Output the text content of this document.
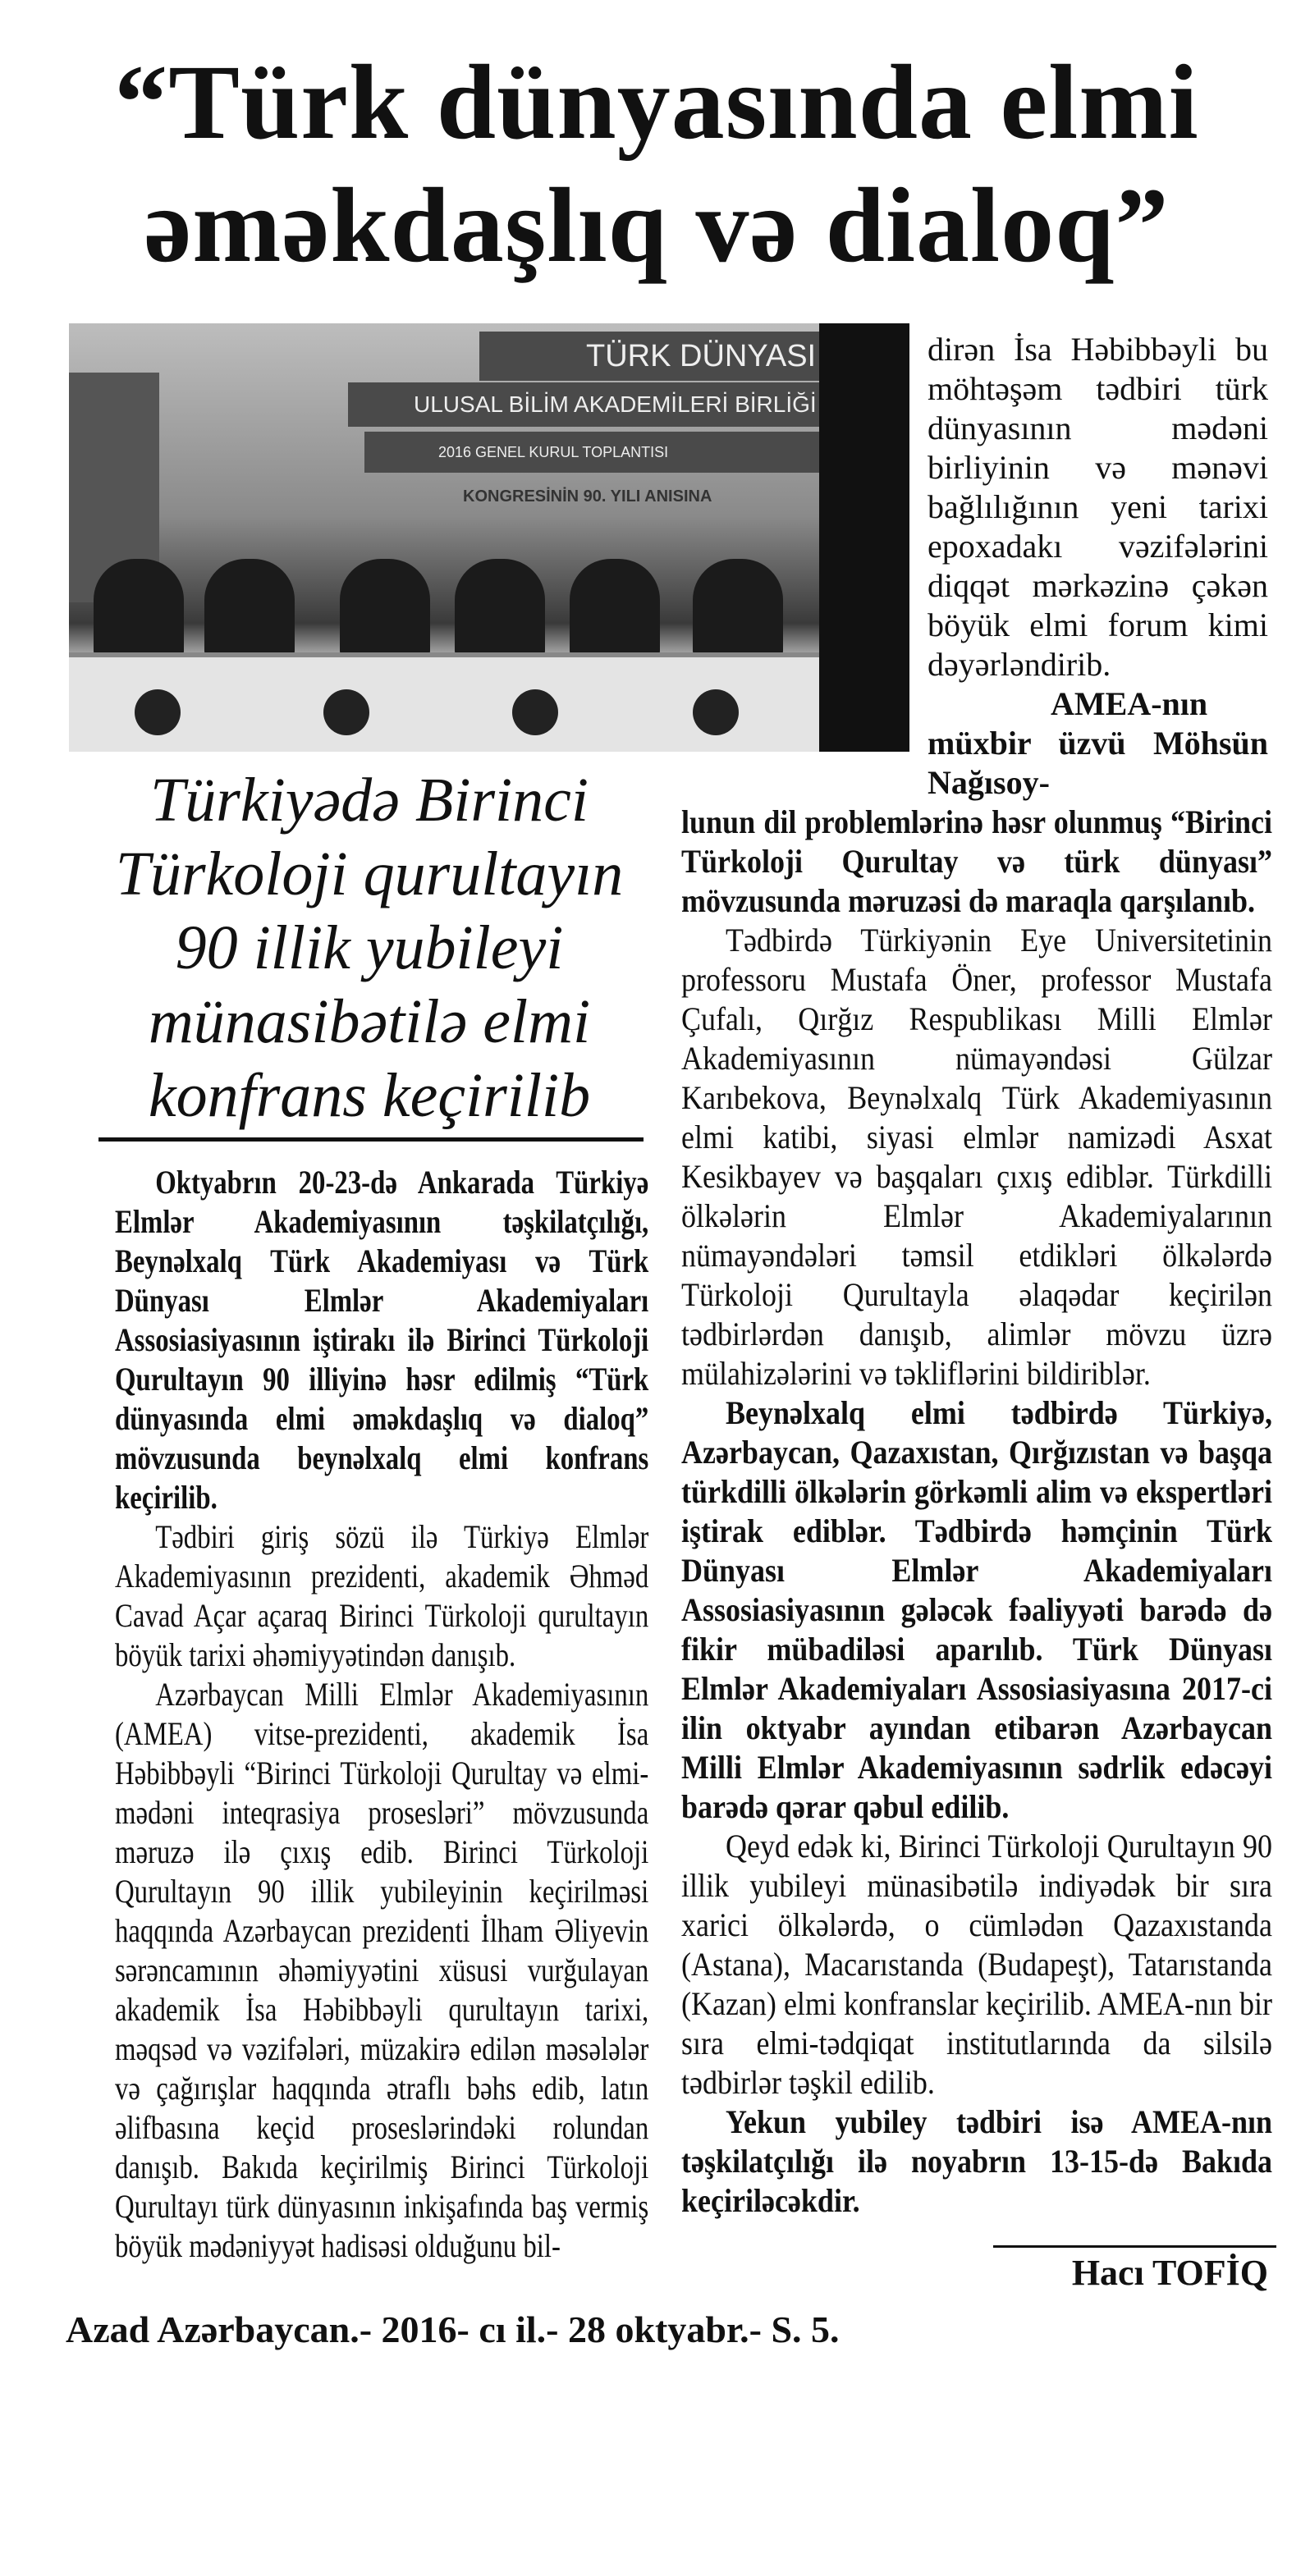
“Türk dünyasında elmi
əməkdaşlıq və dialoq”
TÜRK DÜNYASI
ULUSAL BİLİM AKADEMİLERİ BİRLİĞİ
2016 GENEL KURUL TOPLANTISI
KONGRESİNİN 90. YILI ANISINA
Türkiyədə Birinci
Türkoloji qurultayın
90 illik yubileyi
münasibətilə elmi
konfrans keçirilib

Oktyabrın 20-23-də Ankarada Türkiyə Elmlər Akademiyasının təşkilatçılığı, Beynəlxalq Türk Akademiyası və Türk Dünyası Elmlər Akademiyaları Assosiasiyasının iştirakı ilə Birinci Türkoloji Qurultayın 90 illiyinə həsr edilmiş “Türk dünyasında elmi əməkdaşlıq və dialoq” mövzusunda beynəlxalq elmi konfrans keçirilib.

Tədbiri giriş sözü ilə Türkiyə Elmlər Akademiyasının prezidenti, akademik Əhməd Cavad Açar açaraq Birinci Türkoloji qurultayın böyük tarixi əhəmiyyətindən danışıb.

Azərbaycan Milli Elmlər Akademiyasının (AMEA) vitse-prezidenti, akademik İsa Həbibbəyli “Birinci Türkoloji Qurultay və elmi-mədəni inteqrasiya prosesləri” mövzusunda məruzə ilə çıxış edib. Birinci Türkoloji Qurultayın 90 illik yubileyinin keçirilməsi haqqında Azərbaycan prezidenti İlham Əliyevin sərəncamının əhəmiyyətini xüsusi vurğulayan akademik İsa Həbibbəyli qurultayın tarixi, məqsəd və vəzifələri, müzakirə edilən məsələlər və çağırışlar haqqında ətraflı bəhs edib, latın əlifbasına keçid proseslərindəki rolundan danışıb. Bakıda keçirilmiş Birinci Türkoloji Qurultayı türk dünyasının inkişafında baş vermiş böyük mədəniyyət hadisəsi olduğunu bil-

Azad Azərbaycan.- 2016- cı il.- 28 oktyabr.- S. 5.

dirən İsa Həbibbəyli bu möhtəşəm tədbiri türk dünyasının mədəni birliyinin və mənəvi bağlılığının yeni tarixi epoxadakı vəzifələrini diqqət mərkəzinə çəkən böyük elmi forum kimi dəyərləndirib.

AMEA-nın müxbir üzvü Möhsün Nağısoy-

lunun dil problemlərinə həsr olunmuş “Birinci Türkoloji Qurultay və türk dünyası” mövzusunda məruzəsi də maraqla qarşılanıb.

Tədbirdə Türkiyənin Eye Universitetinin professoru Mustafa Öner, professor Mustafa Çufalı, Qırğız Respublikası Milli Elmlər Akademiyasının nümayəndəsi Gülzar Karıbekova, Beynəlxalq Türk Akademiyasının elmi katibi, siyasi elmlər namizədi Asxat Kesikbayev və başqaları çıxış ediblər. Türkdilli ölkələrin Elmlər Akademiyalarının nümayəndələri təmsil etdikləri ölkələrdə Türkoloji Qurultayla əlaqədar keçirilən tədbirlərdən danışıb, alimlər mövzu üzrə mülahizələrini və təkliflərini bildiriblər.

Beynəlxalq elmi tədbirdə Türkiyə, Azərbaycan, Qazaxıstan, Qırğızıstan və başqa türkdilli ölkələrin görkəmli alim və ekspertləri iştirak ediblər. Tədbirdə həmçinin Türk Dünyası Elmlər Akademiyaları Assosiasiyasının gələcək fəaliyyəti barədə də fikir mübadiləsi aparılıb. Türk Dünyası Elmlər Akademiyaları Assosiasiyasına 2017-ci ilin oktyabr ayından etibarən Azərbaycan Milli Elmlər Akademiyasının sədrlik edəcəyi barədə qərar qəbul edilib.

Qeyd edək ki, Birinci Türkoloji Qurultayın 90 illik yubileyi münasibətilə indiyədək bir sıra xarici ölkələrdə, o cümlədən Qazaxıstanda (Astana), Macarıstanda (Budapeşt), Tatarıstanda (Kazan) elmi konfranslar keçirilib. AMEA-nın bir sıra elmi-tədqiqat institutlarında da silsilə tədbirlər təşkil edilib.

Yekun yubiley tədbiri isə AMEA-nın təşkilatçılığı ilə noyabrın 13-15-də Bakıda keçiriləcəkdir.

Hacı TOFİQ
